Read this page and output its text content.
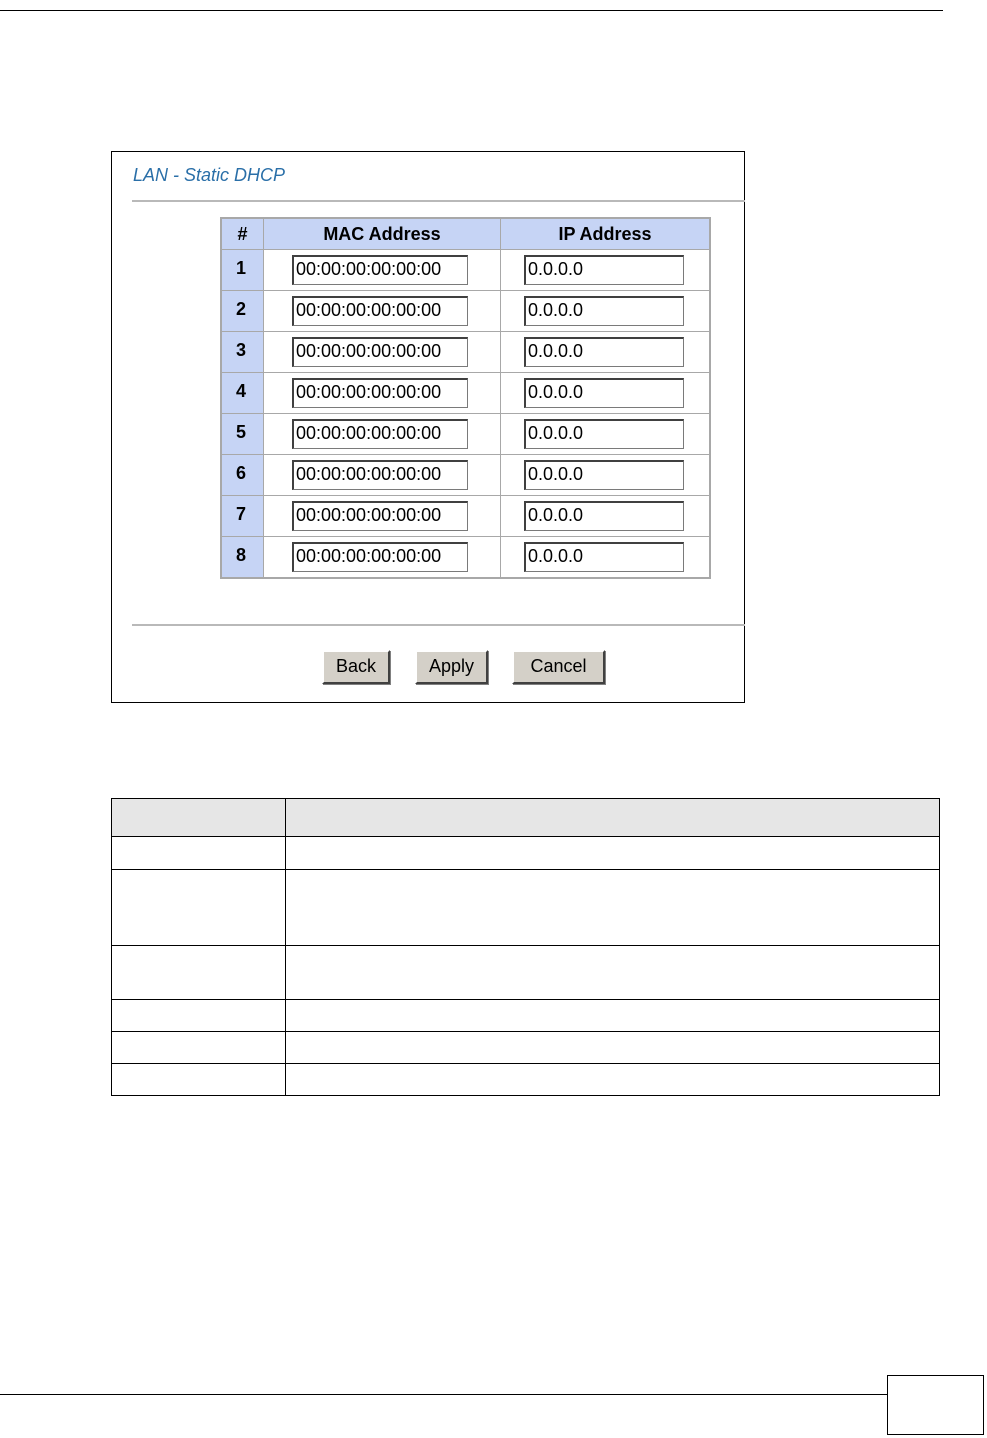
LAN - Static DHCP
#	MAC Address	IP Address
1	00:00:00:00:00:00	0.0.0.0

2	00:00:00:00:00:00	0.0.0.0

3	00:00:00:00:00:00	0.0.0.0

4	00:00:00:00:00:00	0.0.0.0

5	00:00:00:00:00:00	0.0.0.0

6	00:00:00:00:00:00	0.0.0.0

7	00:00:00:00:00:00	0.0.0.0

8	00:00:00:00:00:00	0.0.0.0
Back	Apply	Cancel
